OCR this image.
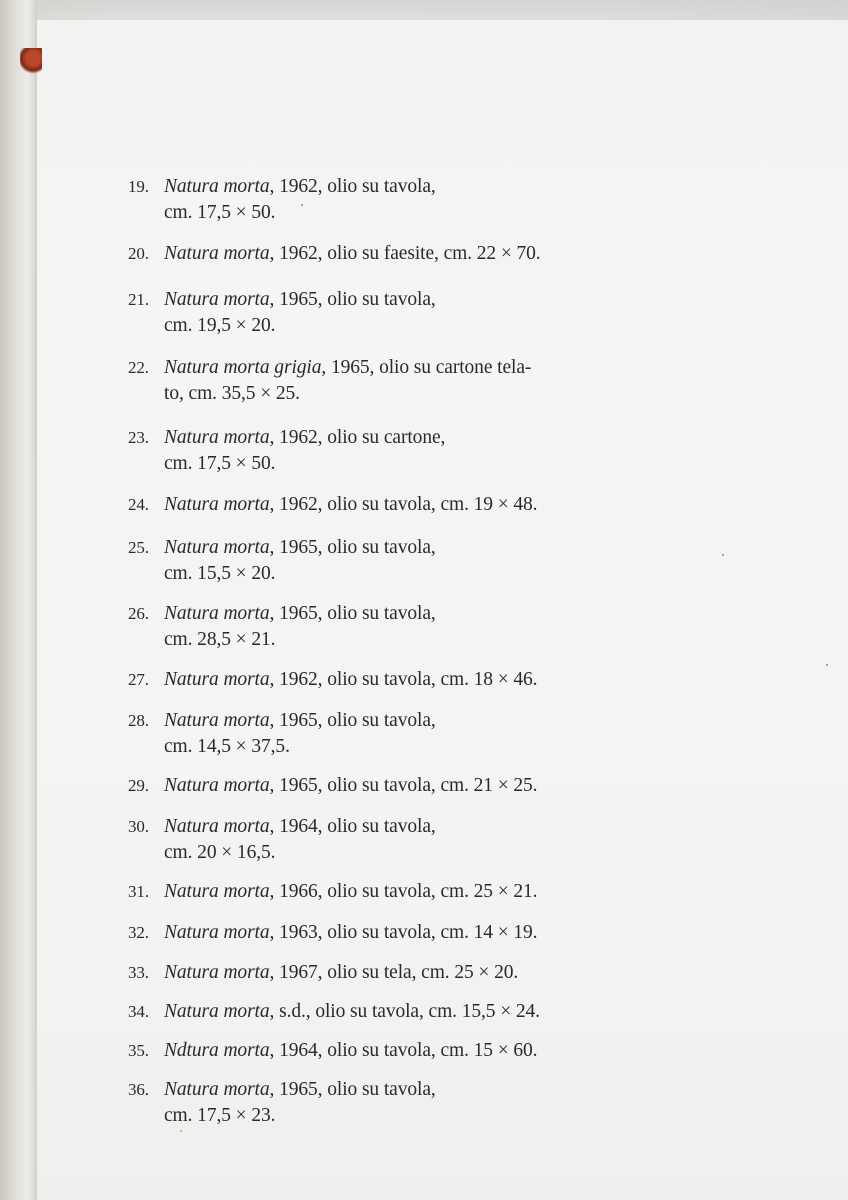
19. Natura morta, 1962, olio su tavola,
cm. 17,5 × 50.
20. Natura morta, 1962, olio su faesite, cm. 22 × 70.
21. Natura morta, 1965, olio su tavola,
cm. 19,5 × 20.
22. Natura morta grigia, 1965, olio su cartone tela-
to, cm. 35,5 × 25.
23. Natura morta, 1962, olio su cartone,
cm. 17,5 × 50.
24. Natura morta, 1962, olio su tavola, cm. 19 × 48.
25. Natura morta, 1965, olio su tavola,
cm. 15,5 × 20.
26. Natura morta, 1965, olio su tavola,
cm. 28,5 × 21.
27. Natura morta, 1962, olio su tavola, cm. 18 × 46.
28. Natura morta, 1965, olio su tavola,
cm. 14,5 × 37,5.
29. Natura morta, 1965, olio su tavola, cm. 21 × 25.
30. Natura morta, 1964, olio su tavola,
cm. 20 × 16,5.
31. Natura morta, 1966, olio su tavola, cm. 25 × 21.
32. Natura morta, 1963, olio su tavola, cm. 14 × 19.
33. Natura morta, 1967, olio su tela, cm. 25 × 20.
34. Natura morta, s.d., olio su tavola, cm. 15,5 × 24.
35. Ndtura morta, 1964, olio su tavola, cm. 15 × 60.
36. Natura morta, 1965, olio su tavola,
cm. 17,5 × 23.
